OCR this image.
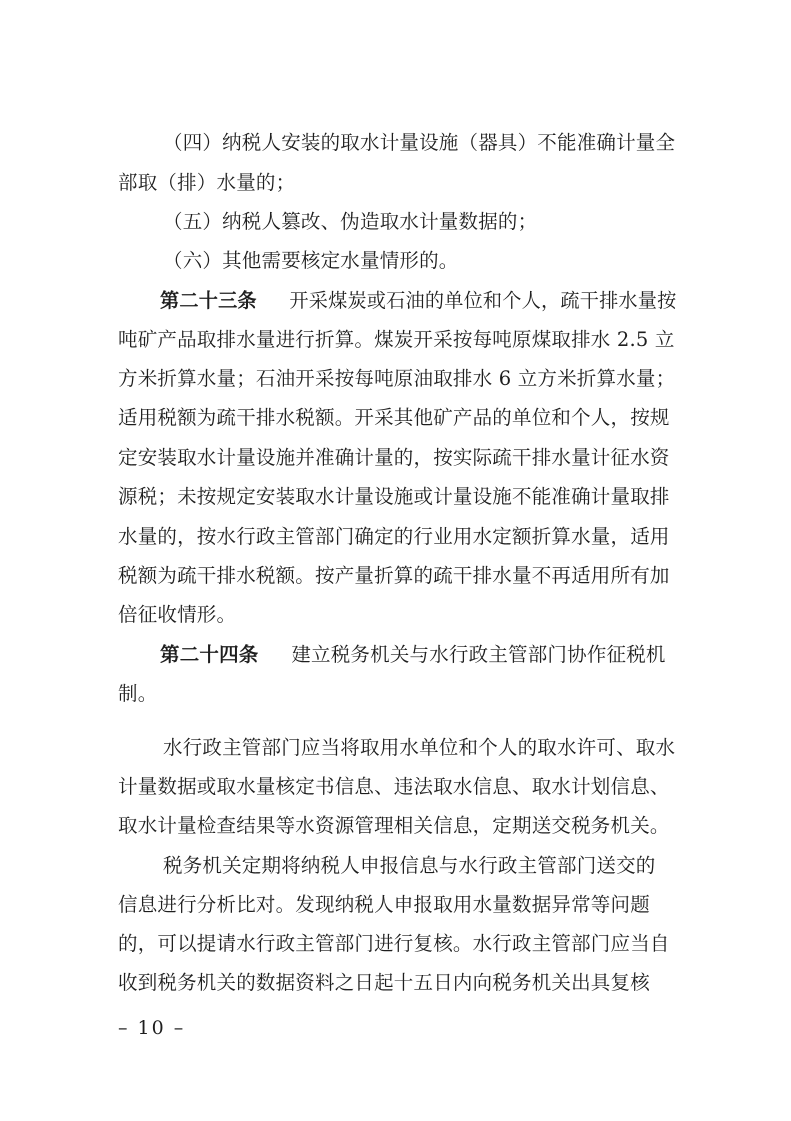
（四）纳税人安装的取水计量设施（器具）不能准确计量全
部取（排）水量的；
（五）纳税人篡改、伪造取水计量数据的；
（六）其他需要核定水量情形的。
第二十三条 开采煤炭或石油的单位和个人，疏干排水量按
吨矿产品取排水量进行折算。煤炭开采按每吨原煤取排水 2.5 立
方米折算水量；石油开采按每吨原油取排水 6 立方米折算水量；
适用税额为疏干排水税额。开采其他矿产品的单位和个人，按规
定安装取水计量设施并准确计量的，按实际疏干排水量计征水资
源税；未按规定安装取水计量设施或计量设施不能准确计量取排
水量的，按水行政主管部门确定的行业用水定额折算水量，适用
税额为疏干排水税额。按产量折算的疏干排水量不再适用所有加
倍征收情形。
第二十四条 建立税务机关与水行政主管部门协作征税机
制。
水行政主管部门应当将取用水单位和个人的取水许可、取水
计量数据或取水量核定书信息、违法取水信息、取水计划信息、
取水计量检查结果等水资源管理相关信息，定期送交税务机关。
税务机关定期将纳税人申报信息与水行政主管部门送交的
信息进行分析比对。发现纳税人申报取用水量数据异常等问题
的，可以提请水行政主管部门进行复核。水行政主管部门应当自
收到税务机关的数据资料之日起十五日内向税务机关出具复核
– 10 –
